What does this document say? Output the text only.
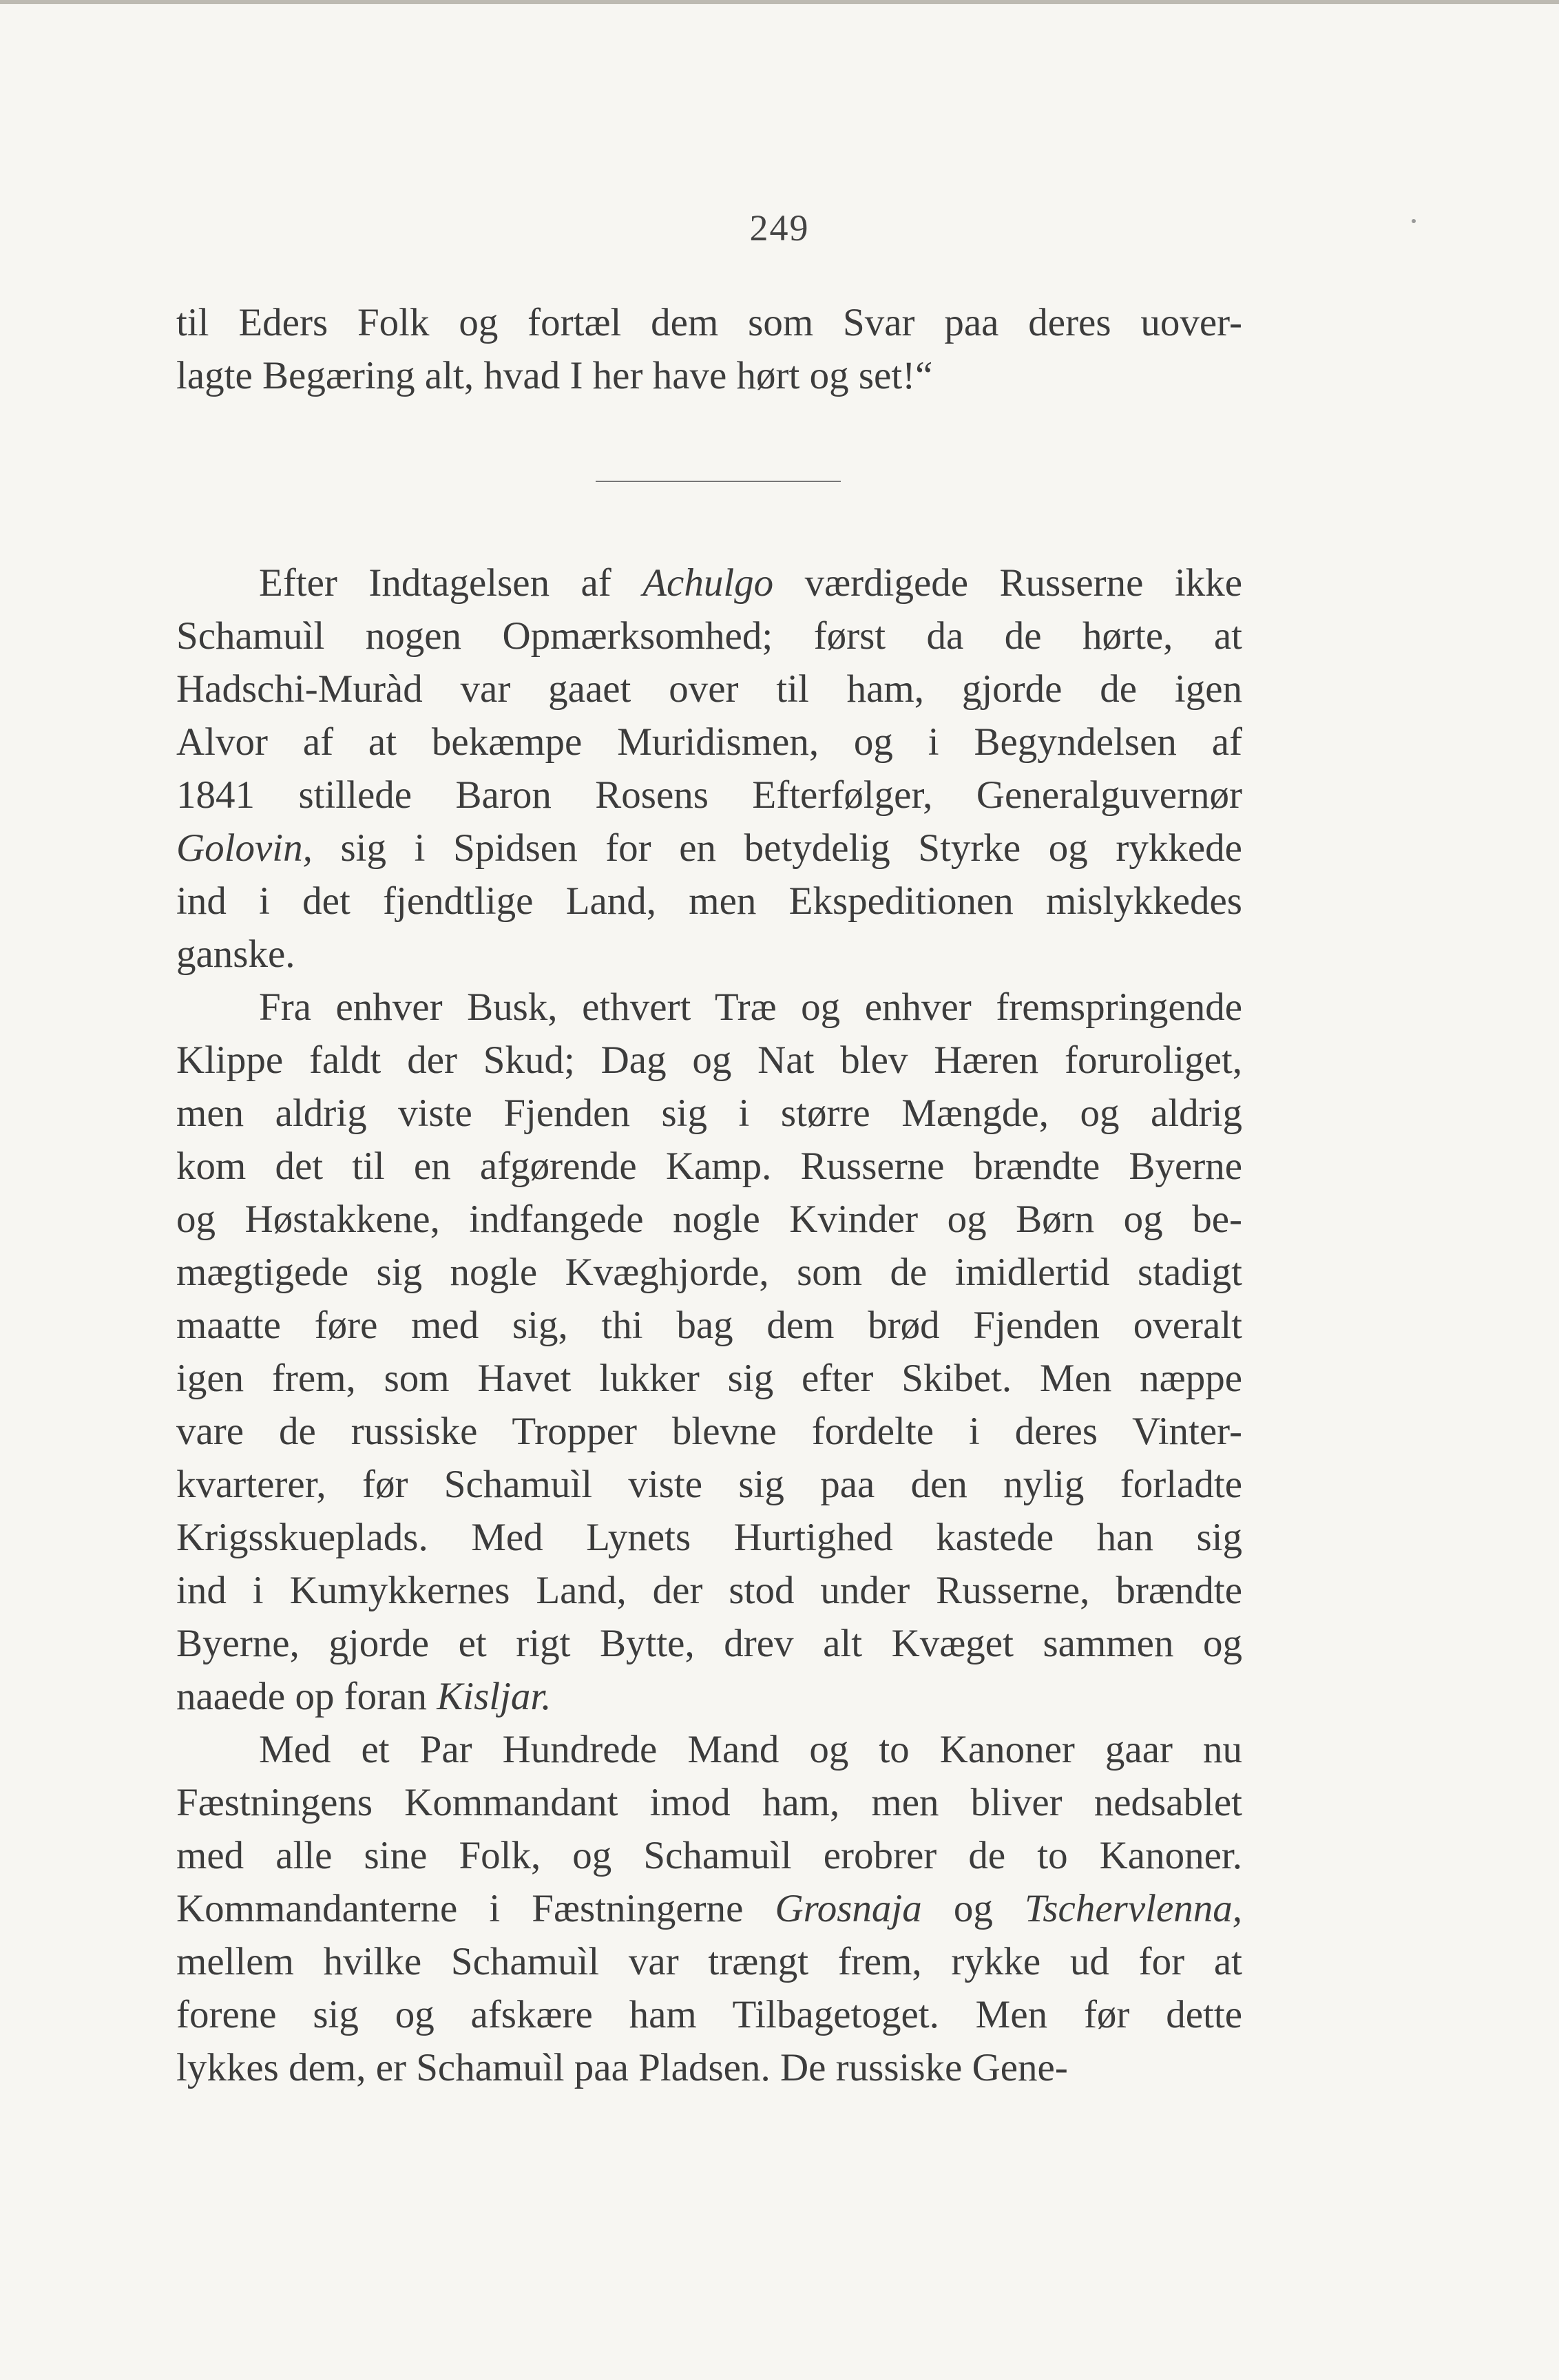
249
til Eders Folk og fortæl dem som Svar paa deres uover-
lagte Begæring alt, hvad I her have hørt og set!“
Efter Indtagelsen af Achulgo værdigede Russerne ikke
Schamuìl nogen Opmærksomhed; først da de hørte, at
Hadschi-Muràd var gaaet over til ham, gjorde de igen
Alvor af at bekæmpe Muridismen, og i Begyndelsen af
1841 stillede Baron Rosens Efterfølger, Generalguvernør
Golovin, sig i Spidsen for en betydelig Styrke og rykkede
ind i det fjendtlige Land, men Ekspeditionen mislykkedes
ganske.
Fra enhver Busk, ethvert Træ og enhver fremspringende
Klippe faldt der Skud; Dag og Nat blev Hæren foruroliget,
men aldrig viste Fjenden sig i større Mængde, og aldrig
kom det til en afgørende Kamp. Russerne brændte Byerne
og Høstakkene, indfangede nogle Kvinder og Børn og be-
mægtigede sig nogle Kvæghjorde, som de imidlertid stadigt
maatte føre med sig, thi bag dem brød Fjenden overalt
igen frem, som Havet lukker sig efter Skibet. Men næppe
vare de russiske Tropper blevne fordelte i deres Vinter-
kvarterer, før Schamuìl viste sig paa den nylig forladte
Krigsskueplads. Med Lynets Hurtighed kastede han sig
ind i Kumykkernes Land, der stod under Russerne, brændte
Byerne, gjorde et rigt Bytte, drev alt Kvæget sammen og
naaede op foran Kisljar.
Med et Par Hundrede Mand og to Kanoner gaar nu
Fæstningens Kommandant imod ham, men bliver nedsablet
med alle sine Folk, og Schamuìl erobrer de to Kanoner.
Kommandanterne i Fæstningerne Grosnaja og Tschervlenna,
mellem hvilke Schamuìl var trængt frem, rykke ud for at
forene sig og afskære ham Tilbagetoget. Men før dette
lykkes dem, er Schamuìl paa Pladsen. De russiske Gene-
